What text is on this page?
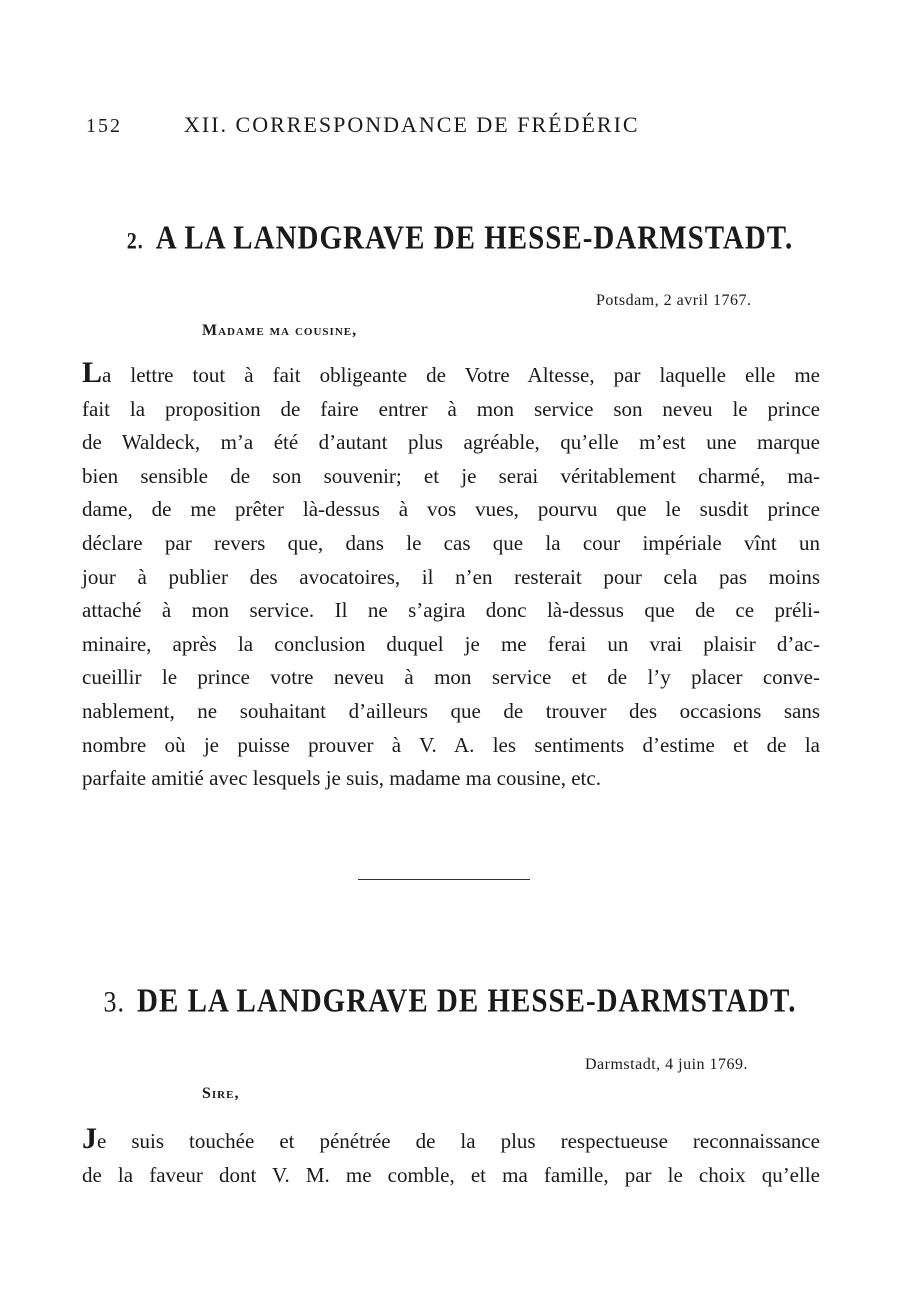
152	XII. CORRESPONDANCE DE FRÉDÉRIC
2. A LA LANDGRAVE DE HESSE-DARMSTADT.
Potsdam, 2 avril 1767.
Madame ma cousine,
La lettre tout à fait obligeante de Votre Altesse, par laquelle elle me
fait la proposition de faire entrer à mon service son neveu le prince
de Waldeck, m’a été d’autant plus agréable, qu’elle m’est une marque
bien sensible de son souvenir; et je serai véritablement charmé, ma-
dame, de me prêter là-dessus à vos vues, pourvu que le susdit prince
déclare par revers que, dans le cas que la cour impériale vînt un
jour à publier des avocatoires, il n’en resterait pour cela pas moins
attaché à mon service. Il ne s’agira donc là-dessus que de ce préli-
minaire, après la conclusion duquel je me ferai un vrai plaisir d’ac-
cueillir le prince votre neveu à mon service et de l’y placer conve-
nablement, ne souhaitant d’ailleurs que de trouver des occasions sans
nombre où je puisse prouver à V. A. les sentiments d’estime et de la
parfaite amitié avec lesquels je suis, madame ma cousine, etc.
3. DE LA LANDGRAVE DE HESSE-DARMSTADT.
Darmstadt, 4 juin 1769.
Sire,
Je suis touchée et pénétrée de la plus respectueuse reconnaissance
de la faveur dont V. M. me comble, et ma famille, par le choix qu’elle
